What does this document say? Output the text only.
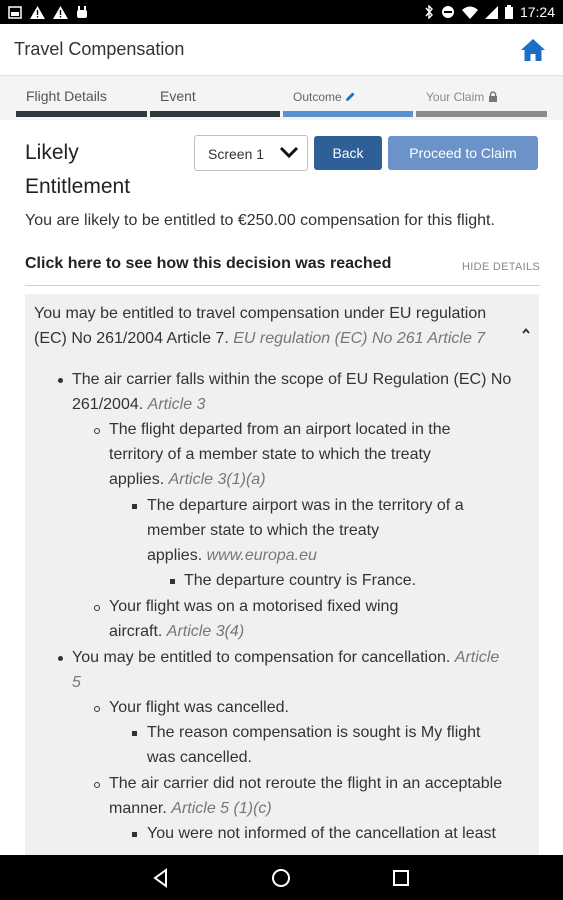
17:24
Travel Compensation
Flight Details	Event	Outcome	Your Claim
Likely
Entitlement
Screen 1	Back	Proceed to Claim
You are likely to be entitled to €250.00 compensation for this flight.
Click here to see how this decision was reached	HIDE DETAILS
You may be entitled to travel compensation under EU regulation
(EC) No 261/2004 Article 7. EU regulation (EC) No 261 Article 7
The air carrier falls within the scope of EU Regulation (EC) No
261/2004. Article 3
The flight departed from an airport located in the
territory of a member state to which the treaty
applies. Article 3(1)(a)
The departure airport was in the territory of a
member state to which the treaty
applies. www.europa.eu
The departure country is France.
Your flight was on a motorised fixed wing
aircraft. Article 3(4)
You may be entitled to compensation for cancellation. Article
5
Your flight was cancelled.
The reason compensation is sought is My flight
was cancelled.
The air carrier did not reroute the flight in an acceptable
manner. Article 5 (1)(c)
You were not informed of the cancellation at least
